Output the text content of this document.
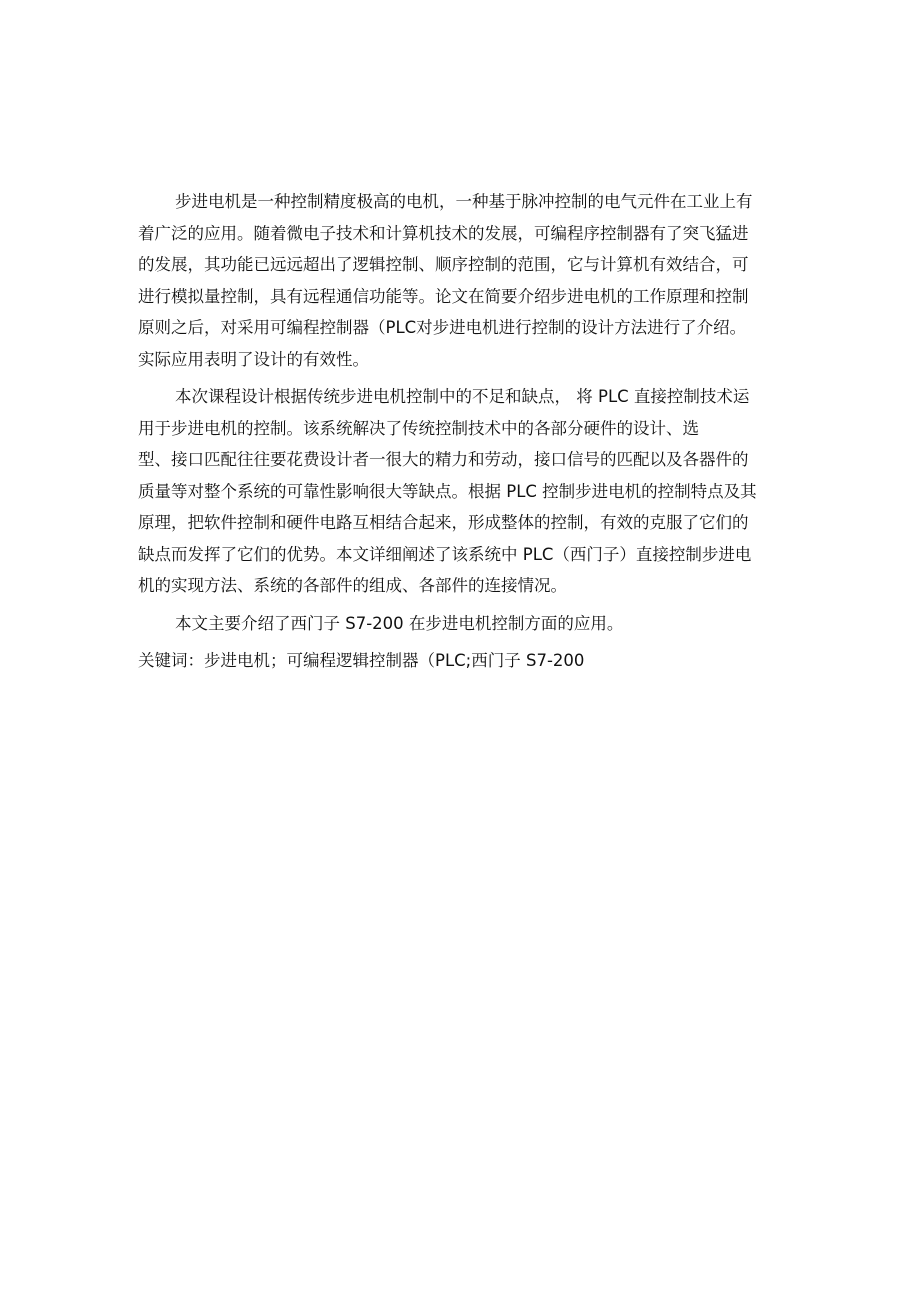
步进电机是一种控制精度极高的电机，一种基于脉冲控制的电气元件在工业上有
着广泛的应用。随着微电子技术和计算机技术的发展，可编程序控制器有了突飞猛进
的发展，其功能已远远超出了逻辑控制、顺序控制的范围，它与计算机有效结合，可
进行模拟量控制，具有远程通信功能等。论文在简要介绍步进电机的工作原理和控制
原则之后，对采用可编程控制器（PLC对步进电机进行控制的设计方法进行了介绍。
实际应用表明了设计的有效性。
本次课程设计根据传统步进电机控制中的不足和缺点， 将 PLC 直接控制技术运
用于步进电机的控制。该系统解决了传统控制技术中的各部分硬件的设计、选
型、接口匹配往往要花费设计者一很大的精力和劳动，接口信号的匹配以及各器件的
质量等对整个系统的可靠性影响很大等缺点。根据 PLC 控制步进电机的控制特点及其
原理，把软件控制和硬件电路互相结合起来，形成整体的控制，有效的克服了它们的
缺点而发挥了它们的优势。本文详细阐述了该系统中 PLC（西门子）直接控制步进电
机的实现方法、系统的各部件的组成、各部件的连接情况。
本文主要介绍了西门子 S7-200 在步进电机控制方面的应用。
关键词：步进电机；可编程逻辑控制器（PLC;西门子 S7-200
